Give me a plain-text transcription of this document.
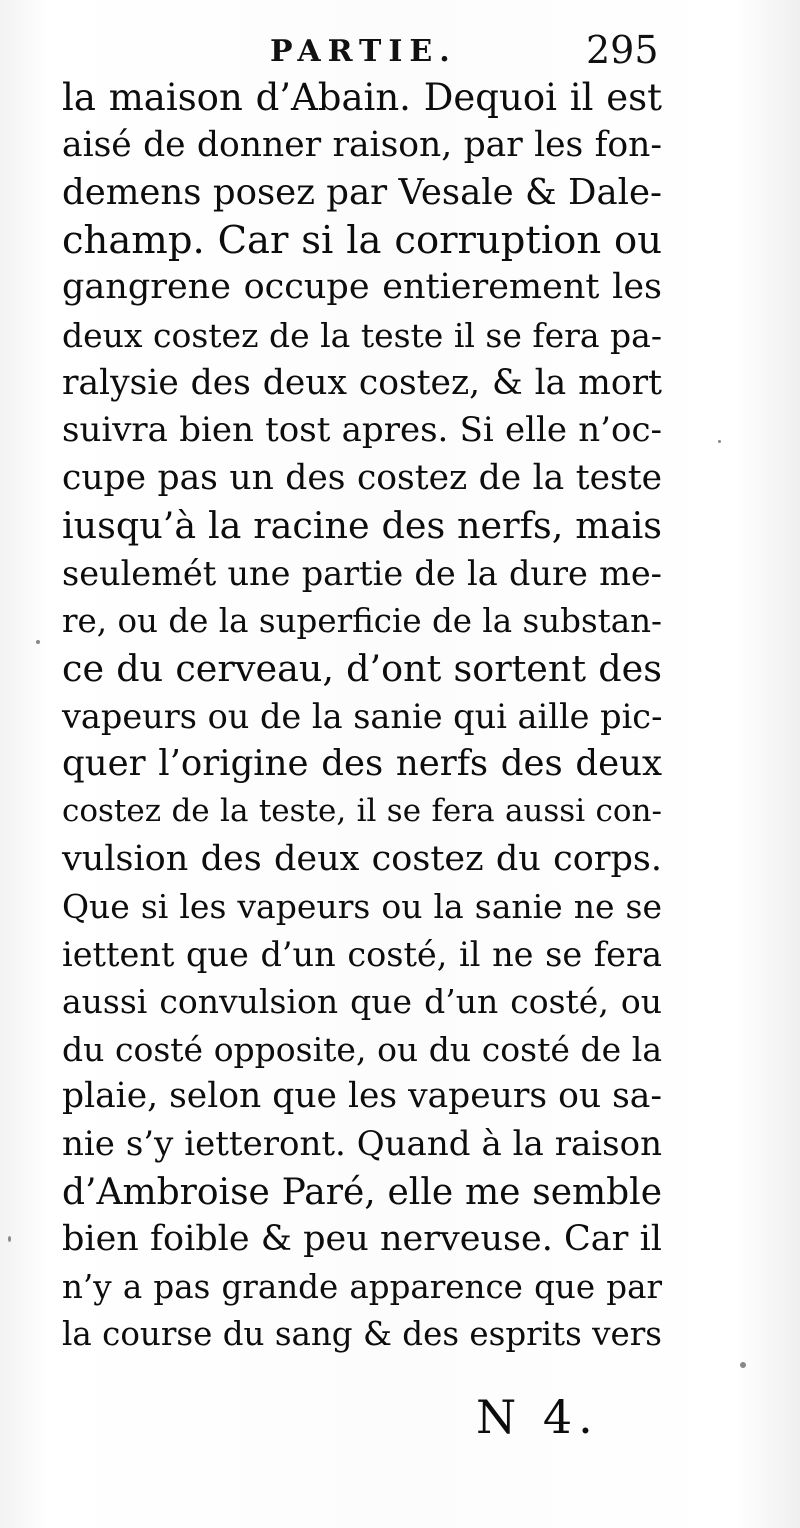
PARTIE.	295
la maison d’Abain. Dequoi il est
aisé de donner raison, par les fon-
demens posez par Vesale & Dale-
champ. Car si la corruption ou
gangrene occupe entierement les
deux costez de la teste il se fera pa-
ralysie des deux costez, & la mort
suivra bien tost apres. Si elle n’oc-
cupe pas un des costez de la teste
iusqu’à la racine des nerfs, mais
seulemét une partie de la dure me-
re, ou de la superficie de la substan-
ce du cerveau, d’ont sortent des
vapeurs ou de la sanie qui aille pic-
quer l’origine des nerfs des deux
costez de la teste, il se fera aussi con-
vulsion des deux costez du corps.
Que si les vapeurs ou la sanie ne se
iettent que d’un costé, il ne se fera
aussi convulsion que d’un costé, ou
du costé opposite, ou du costé de la
plaie, selon que les vapeurs ou sa-
nie s’y ietteront. Quand à la raison
d’Ambroise Paré, elle me semble
bien foible & peu nerveuse. Car il
n’y a pas grande apparence que par
la course du sang & des esprits vers
N 4.
